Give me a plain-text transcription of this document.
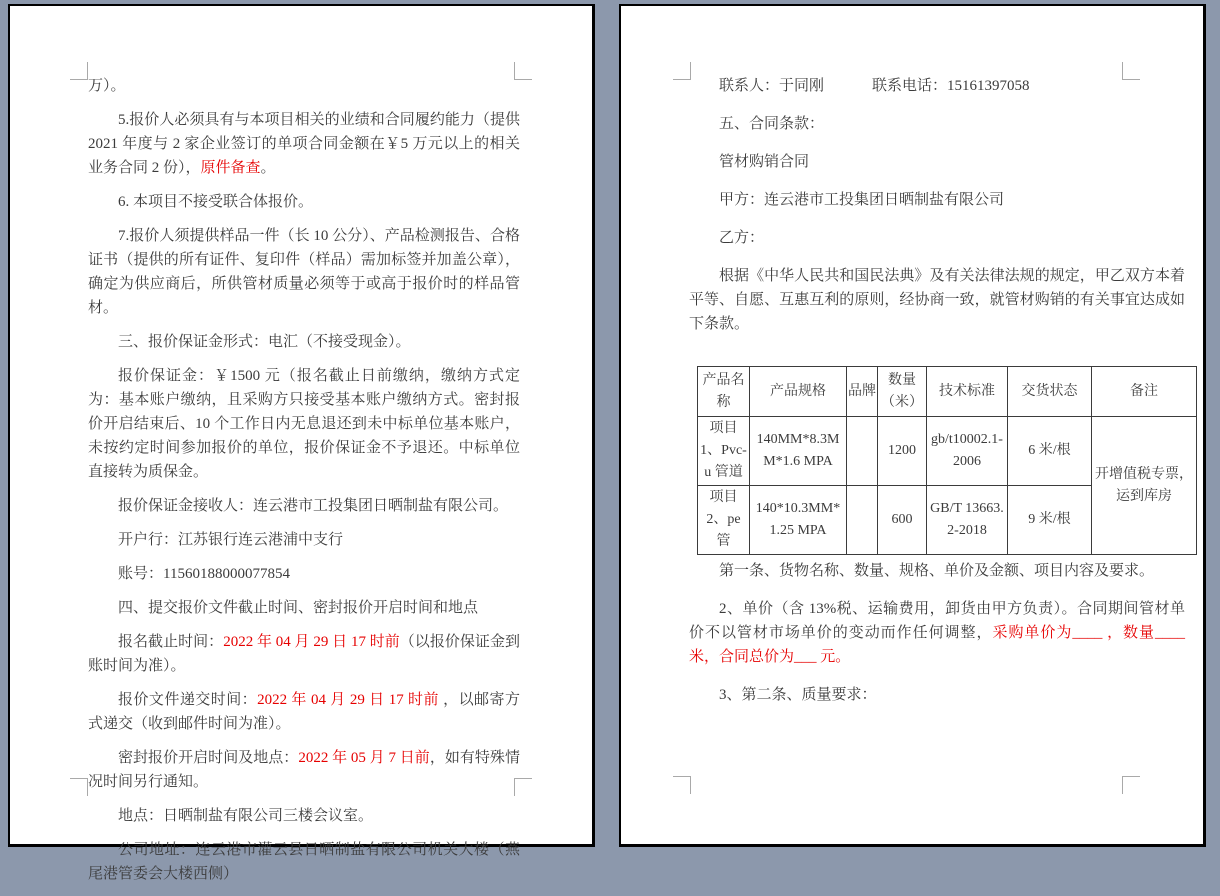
万）。

5.报价人必须具有与本项目相关的业绩和合同履约能力（提供 2021 年度与 2 家企业签订的单项合同金额在￥5 万元以上的相关业务合同 2 份），原件备查。

6. 本项目不接受联合体报价。

7.报价人须提供样品一件（长 10 公分）、产品检测报告、合格证书（提供的所有证件、复印件（样品）需加标签并加盖公章），确定为供应商后，所供管材质量必须等于或高于报价时的样品管材。

三、报价保证金形式：电汇（不接受现金）。

报价保证金：￥1500 元（报名截止日前缴纳，缴纳方式定为：基本账户缴纳，且采购方只接受基本账户缴纳方式。密封报价开启结束后、10 个工作日内无息退还到未中标单位基本账户，未按约定时间参加报价的单位，报价保证金不予退还。中标单位直接转为质保金。

报价保证金接收人：连云港市工投集团日晒制盐有限公司。

开户行：江苏银行连云港浦中支行

账号：11560188000077854

四、提交报价文件截止时间、密封报价开启时间和地点

报名截止时间：2022 年 04 月 29 日 17 时前（以报价保证金到账时间为准）。

报价文件递交时间：2022 年 04 月 29 日 17 时前 ，以邮寄方式递交（收到邮件时间为准）。

密封报价开启时间及地点：2022 年 05 月 7 日前，如有特殊情况时间另行通知。

地点：日晒制盐有限公司三楼会议室。

公司地址：连云港市灌云县日晒制盐有限公司机关大楼（燕尾港管委会大楼西侧）

联系人：于同刚	联系电话：15161397058

五、合同条款：

管材购销合同

甲方：连云港市工投集团日晒制盐有限公司

乙方：

根据《中华人民共和国民法典》及有关法律法规的规定，甲乙双方本着平等、自愿、互惠互利的原则，经协商一致，就管材购销的有关事宜达成如下条款。

产品名称	产品规格	品牌	数量（米）	技术标准	交货状态	备注
项目 1、Pvc-u 管道	140MM*8.3MM*1.6 MPA		1200	gb/t10002.1-2006	6 米/根	开增值税专票，运到库房
项目 2、pe 管	140*10.3MM*1.25 MPA		600	GB/T 13663.2-2018	9 米/根	

第一条、货物名称、数量、规格、单价及金额、项目内容及要求。

2、单价（含 13%税、运输费用，卸货由甲方负责）。合同期间管材单价不以管材市场单价的变动而作任何调整，采购单价为____ ，数量____米，合同总价为___ 元。

3、第二条、质量要求：
